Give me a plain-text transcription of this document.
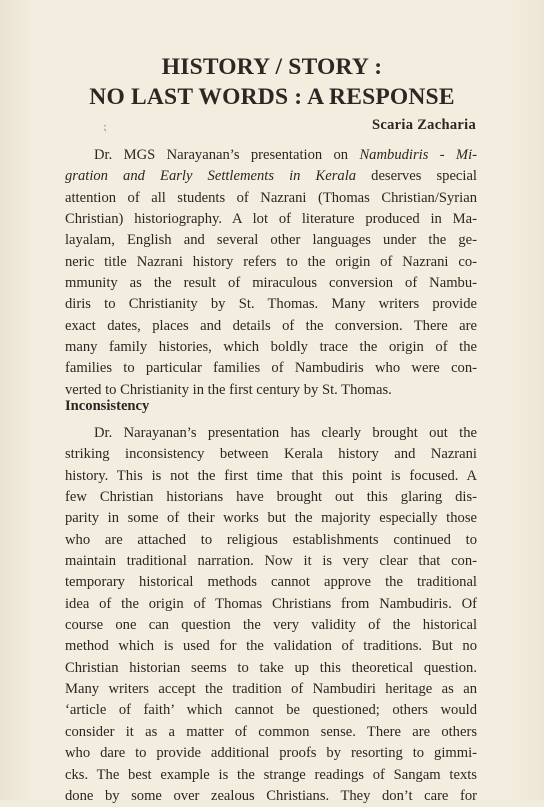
HISTORY / STORY :
NO LAST WORDS : A RESPONSE
⁏	Scaria Zacharia
Dr. MGS Narayanan’s presentation on Nambudiris - Mi-
gration and Early Settlements in Kerala deserves special
attention of all students of Nazrani (Thomas Christian/Syrian
Christian) historiography. A lot of literature produced in Ma-
layalam, English and several other languages under the ge-
neric title Nazrani history refers to the origin of Nazrani co-
mmunity as the result of miraculous conversion of Nambu-
diris to Christianity by St. Thomas. Many writers provide
exact dates, places and details of the conversion. There are
many family histories, which boldly trace the origin of the
families to particular families of Nambudiris who were con-
verted to Christianity in the first century by St. Thomas.
Inconsistency
Dr. Narayanan’s presentation has clearly brought out the
striking inconsistency between Kerala history and Nazrani
history. This is not the first time that this point is focused. A
few Christian historians have brought out this glaring dis-
parity in some of their works but the majority especially those
who are attached to religious establishments continued to
maintain traditional narration. Now it is very clear that con-
temporary historical methods cannot approve the traditional
idea of the origin of Thomas Christians from Nambudiris. Of
course one can question the very validity of the historical
method which is used for the validation of traditions. But no
Christian historian seems to take up this theoretical question.
Many writers accept the tradition of Nambudiri heritage as an
‘article of faith’ which cannot be questioned; others would
consider it as a matter of common sense. There are others
who dare to provide additional proofs by resorting to gimmi-
cks. The best example is the strange readings of Sangam texts
done by some over zealous Christians. They don’t care for
